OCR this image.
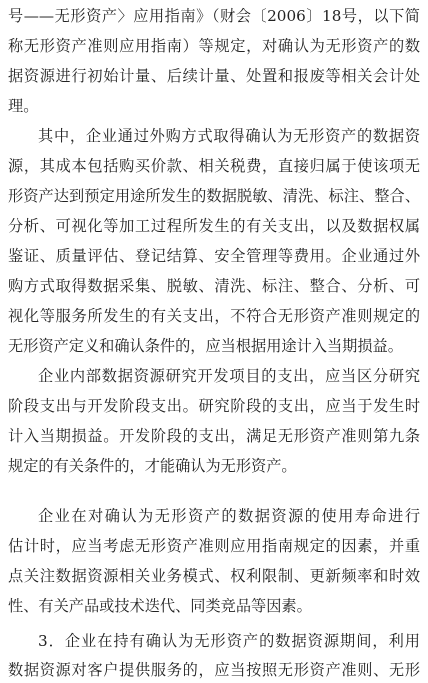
号——无形资产〉应用指南》（财会〔2006〕18号，以下简
称无形资产准则应用指南）等规定，对确认为无形资产的数
据资源进行初始计量、后续计量、处置和报废等相关会计处
理。
其中，企业通过外购方式取得确认为无形资产的数据资
源，其成本包括购买价款、相关税费，直接归属于使该项无
形资产达到预定用途所发生的数据脱敏、清洗、标注、整合、
分析、可视化等加工过程所发生的有关支出，以及数据权属
鉴证、质量评估、登记结算、安全管理等费用。企业通过外
购方式取得数据采集、脱敏、清洗、标注、整合、分析、可
视化等服务所发生的有关支出，不符合无形资产准则规定的
无形资产定义和确认条件的，应当根据用途计入当期损益。
企业内部数据资源研究开发项目的支出，应当区分研究
阶段支出与开发阶段支出。研究阶段的支出，应当于发生时
计入当期损益。开发阶段的支出，满足无形资产准则第九条
规定的有关条件的，才能确认为无形资产。
企业在对确认为无形资产的数据资源的使用寿命进行
估计时，应当考虑无形资产准则应用指南规定的因素，并重
点关注数据资源相关业务模式、权利限制、更新频率和时效
性、有关产品或技术迭代、同类竞品等因素。
3．企业在持有确认为无形资产的数据资源期间，利用
数据资源对客户提供服务的，应当按照无形资产准则、无形
